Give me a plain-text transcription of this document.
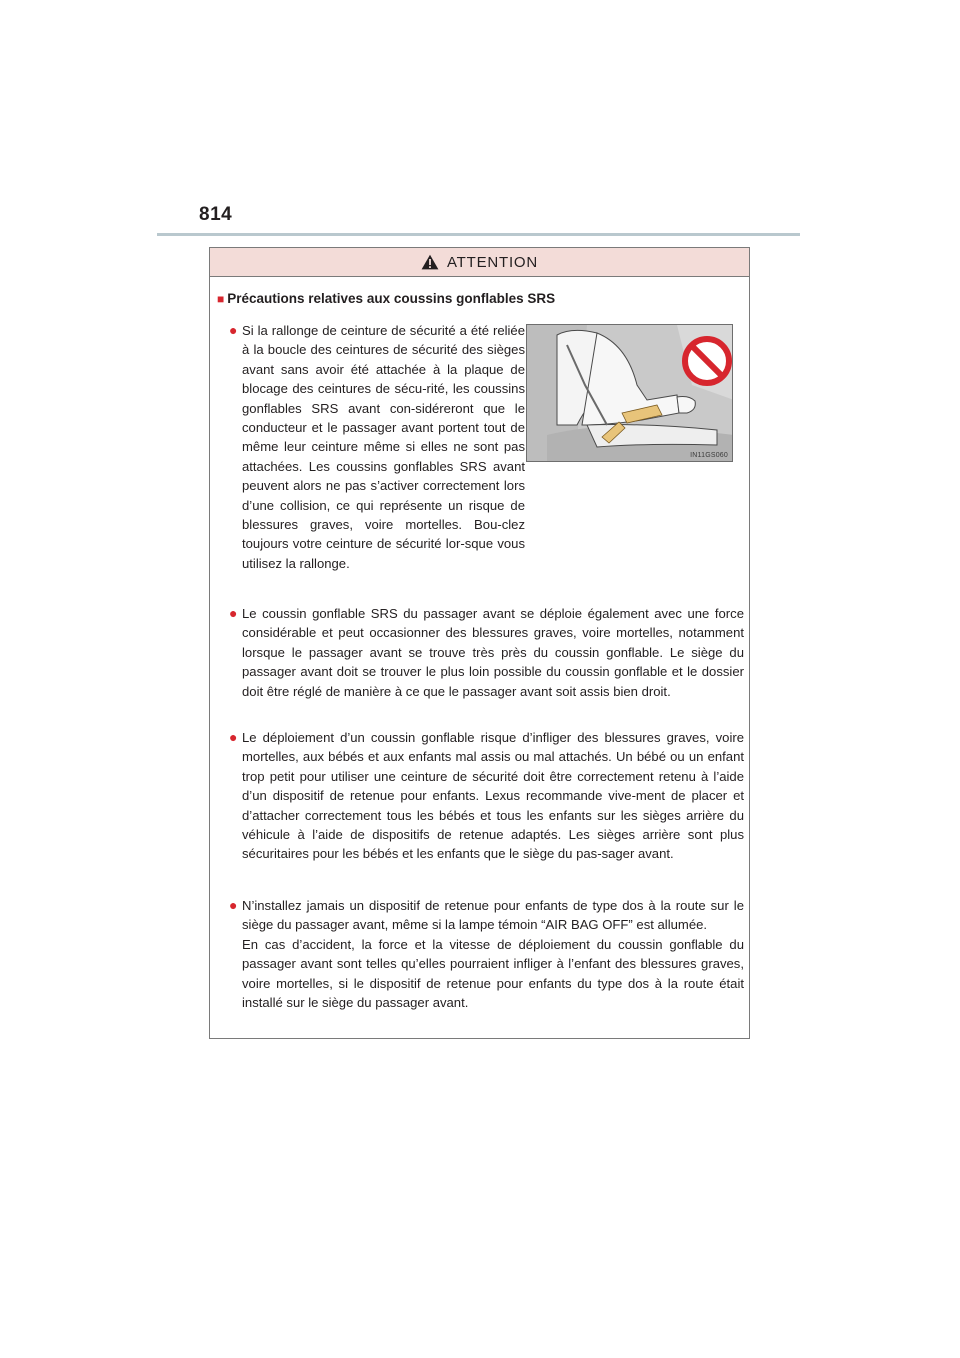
814
ATTENTION
■ Précautions relatives aux coussins gonflables SRS
● Si la rallonge de ceinture de sécurité a été reliée à la boucle des ceintures de sécurité des sièges avant sans avoir été attachée à la plaque de blocage des ceintures de sécu-rité, les coussins gonflables SRS avant con-sidéreront que le conducteur et le passager avant portent tout de même leur ceinture même si elles ne sont pas attachées. Les coussins gonflables SRS avant peuvent alors ne pas s’activer correctement lors d’une collision, ce qui représente un risque de blessures graves, voire mortelles. Bou-clez toujours votre ceinture de sécurité lor-sque vous utilisez la rallonge.

IN11GS060
● Le coussin gonflable SRS du passager avant se déploie également avec une force considérable et peut occasionner des blessures graves, voire mortelles, notamment lorsque le passager avant se trouve très près du coussin gonflable. Le siège du passager avant doit se trouver le plus loin possible du coussin gonflable et le dossier doit être réglé de manière à ce que le passager avant soit assis bien droit.

● Le déploiement d’un coussin gonflable risque d’infliger des blessures graves, voire mortelles, aux bébés et aux enfants mal assis ou mal attachés. Un bébé ou un enfant trop petit pour utiliser une ceinture de sécurité doit être correctement retenu à l’aide d’un dispositif de retenue pour enfants. Lexus recommande vive-ment de placer et d’attacher correctement tous les bébés et tous les enfants sur les sièges arrière du véhicule à l’aide de dispositifs de retenue adaptés. Les sièges arrière sont plus sécuritaires pour les bébés et les enfants que le siège du pas-sager avant.

● N’installez jamais un dispositif de retenue pour enfants de type dos à la route sur le siège du passager avant, même si la lampe témoin “AIR BAG OFF” est allumée.

En cas d’accident, la force et la vitesse de déploiement du coussin gonflable du passager avant sont telles qu’elles pourraient infliger à l’enfant des blessures graves, voire mortelles, si le dispositif de retenue pour enfants du type dos à la route était installé sur le siège du passager avant.
